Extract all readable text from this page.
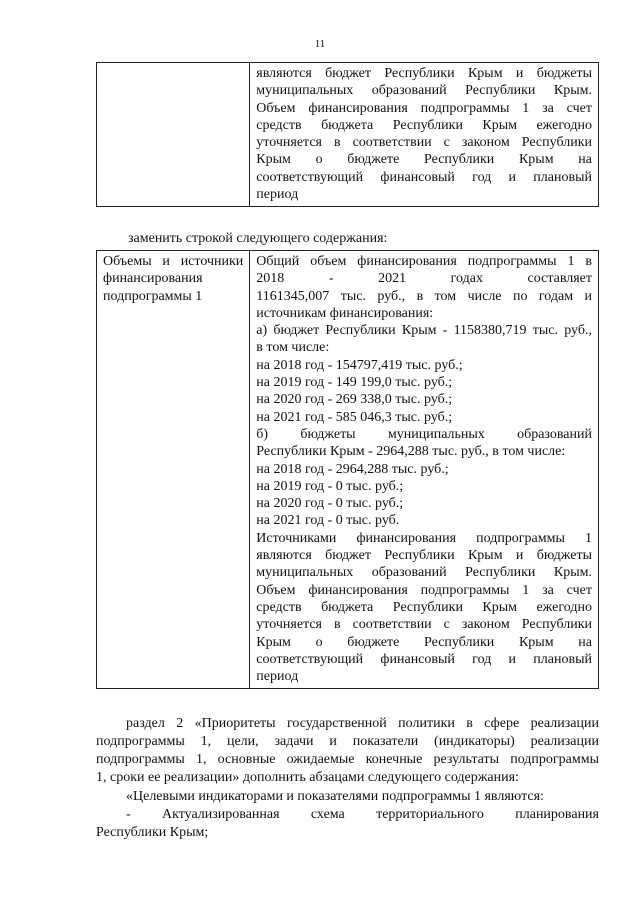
11

являются бюджет Республики Крым и бюджеты
муниципальных образований Республики Крым.
Объем финансирования подпрограммы 1 за счет
средств бюджета Республики Крым ежегодно
уточняется в соответствии с законом Республики
Крым о бюджете Республики Крым на
соответствующий финансовый год и плановый
период
заменить строкой следующего содержания:
Объемы и источники
финансирования
подпрограммы 1

Общий объем финансирования подпрограммы 1 в
2018 - 2021 годах составляет
1161345,007 тыс. руб., в том числе по годам и
источникам финансирования:
а) бюджет Республики Крым - 1158380,719 тыс. руб.,
в том числе:
на 2018 год - 154797,419 тыс. руб.;
на 2019 год - 149 199,0 тыс. руб.;
на 2020 год - 269 338,0 тыс. руб.;
на 2021 год - 585 046,3 тыс. руб.;
б) бюджеты муниципальных образований
Республики Крым - 2964,288 тыс. руб., в том числе:
на 2018 год - 2964,288 тыс. руб.;
на 2019 год - 0 тыс. руб.;
на 2020 год - 0 тыс. руб.;
на 2021 год - 0 тыс. руб.
Источниками финансирования подпрограммы 1
являются бюджет Республики Крым и бюджеты
муниципальных образований Республики Крым.
Объем финансирования подпрограммы 1 за счет
средств бюджета Республики Крым ежегодно
уточняется в соответствии с законом Республики
Крым о бюджете Республики Крым на
соответствующий финансовый год и плановый
период
раздел 2 «Приоритеты государственной политики в сфере реализации
подпрограммы 1, цели, задачи и показатели (индикаторы) реализации
подпрограммы 1, основные ожидаемые конечные результаты подпрограммы
1, сроки ее реализации» дополнить абзацами следующего содержания:
«Целевыми индикаторами и показателями подпрограммы 1 являются:
- Актуализированная схема территориального планирования
Республики Крым;
